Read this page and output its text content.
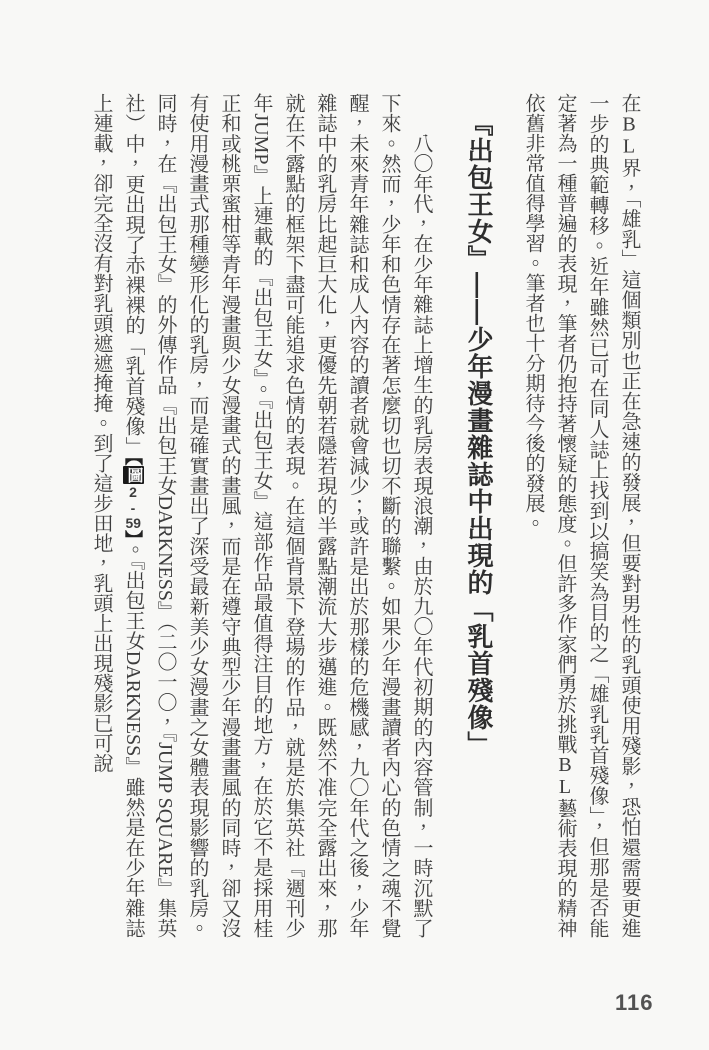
在BL界，「雄乳」這個類別也正在急速的發展，但要對男性的乳頭使用殘影，恐怕還需要更進一步的典範轉移。近年雖然已可在同人誌上找到以搞笑為目的之「雄乳乳首殘像」，但那是否能定著為一種普遍的表現，筆者仍抱持著懷疑的態度。但許多作家們勇於挑戰BL藝術表現的精神依舊非常值得學習。筆者也十分期待今後的發展。

『出包王女』——少年漫畫雜誌中出現的「乳首殘像」

八〇年代，在少年雜誌上增生的乳房表現浪潮，由於九〇年代初期的內容管制，一時沉默了下來。然而，少年和色情存在著怎麼切也切不斷的聯繫。如果少年漫畫讀者內心的色情之魂不覺醒，未來青年雜誌和成人內容的讀者就會減少；或許是出於那樣的危機感，九〇年代之後，少年雜誌中的乳房比起巨大化，更優先朝若隱若現的半露點潮流大步邁進。既然不准完全露出來，那就在不露點的框架下盡可能追求色情的表現。在這個背景下登場的作品，就是於集英社『週刊少年JUMP』上連載的『出包王女』。『出包王女』這部作品最值得注目的地方，在於它不是採用桂正和或桃栗蜜柑等青年漫畫與少女漫畫式的畫風，而是在遵守典型少年漫畫畫風的同時，卻又沒有使用漫畫式那種變形化的乳房，而是確實畫出了深受最新美少女漫畫之女體表現影響的乳房。同時，在『出包王女』的外傳作品『出包王女DARKNESS』（二〇一〇，『JUMP SQUARE』集英社）中，更出現了赤裸裸的「乳首殘像」【圖2-59】。『出包王女DARKNESS』雖然是在少年雜誌上連載，卻完全沒有對乳頭遮遮掩掩。到了這步田地，乳頭上出現殘影已可說

116
